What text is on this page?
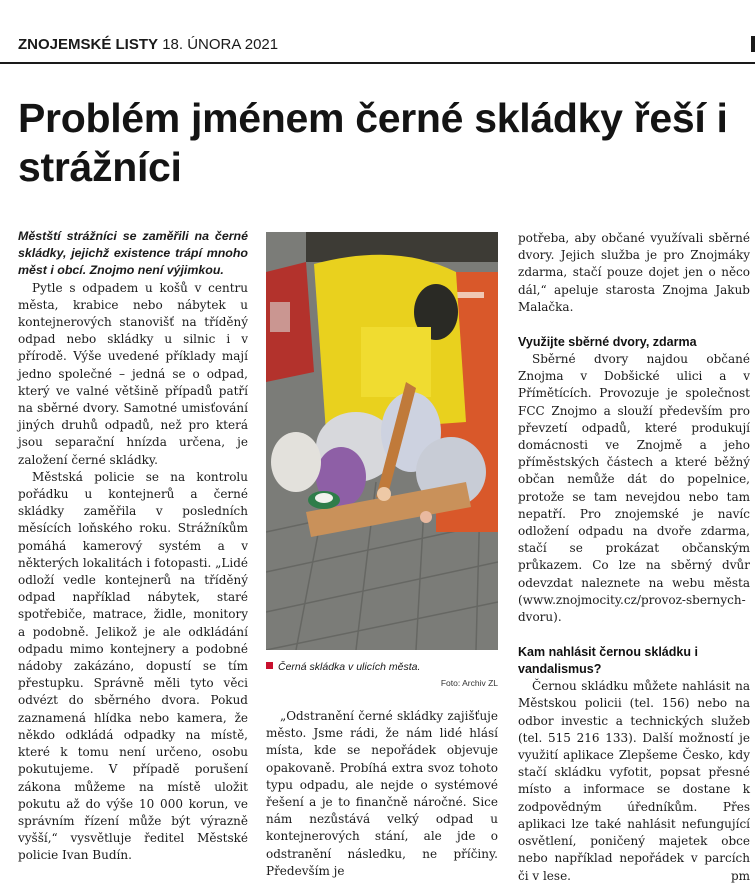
ZNOJEMSKÉ LISTY 18. ÚNORA 2021
Problém jménem černé skládky řeší i strážníci

Městští strážníci se zaměřili na černé skládky, jejichž existence trápí mnoho měst i obcí. Znojmo není výjimkou.

Pytle s odpadem u košů v centru města, krabice nebo nábytek u kontejnerových stanovišť na tříděný odpad nebo skládky u silnic i v přírodě. Výše uvedené příklady mají jedno společné – jedná se o odpad, který ve valné většině případů patří na sběrné dvory. Samotné umisťování jiných druhů odpadů, než pro která jsou separační hnízda určena, je založení černé skládky.

Městská policie se na kontrolu pořádku u kontejnerů a černé skládky zaměřila v posledních měsících loňského roku. Strážníkům pomáhá kamerový systém a v některých lokalitách i fotopasti. „Lidé odloží vedle kontejnerů na tříděný odpad například nábytek, staré spotřebiče, matrace, židle, monitory a podobně. Jelikož je ale odkládání odpadu mimo kontejnery a podobné nádoby zakázáno, dopustí se tím přestupku. Správně měli tyto věci odvézt do sběrného dvora. Pokud zaznamená hlídka nebo kamera, že někdo odkládá odpadky na místě, které k tomu není určeno, osobu pokutujeme. V případě porušení zákona můžeme na místě uložit pokutu až do výše 10 000 korun, ve správním řízení může být výrazně vyšší,“ vysvětluje ředitel Městské policie Ivan Budín.

Černá skládka v ulicích města.
Foto: Archiv ZL

„Odstranění černé skládky zajišťuje město. Jsme rádi, že nám lidé hlásí místa, kde se nepořádek objevuje opakovaně. Probíhá extra svoz tohoto typu odpadu, ale nejde o systémové řešení a je to finančně náročné. Sice nám nezůstává velký odpad u kontejnerových stání, ale jde o odstranění následku, ne příčiny. Především je

potřeba, aby občané využívali sběrné dvory. Jejich služba je pro Znojmáky zdarma, stačí pouze dojet jen o něco dál,“ apeluje starosta Znojma Jakub Malačka.

Využijte sběrné dvory, zdarma

Sběrné dvory najdou občané Znojma v Dobšické ulici a v Přímětících. Provozuje je společnost FCC Znojmo a slouží především pro převzetí odpadů, které produkují domácnosti ve Znojmě a jeho příměstských částech a které běžný občan nemůže dát do popelnice, protože se tam nevejdou nebo tam nepatří. Pro znojemské je navíc odložení odpadu na dvoře zdarma, stačí se prokázat občanským průkazem. Co lze na sběrný dvůr odevzdat naleznete na webu města (www.znojmocity.cz/provoz-sbernych-dvoru).

Kam nahlásit černou skládku i vandalismus?

Černou skládku můžete nahlásit na Městskou policii (tel. 156) nebo na odbor investic a technických služeb (tel. 515 216 133). Další možností je využití aplikace Zlepšeme Česko, kdy stačí skládku vyfotit, popsat přesné místo a informace se dostane k zodpovědným úředníkům. Přes aplikaci lze také nahlásit nefungující osvětlení, poničený majetek obce nebo například nepořádek v parcích či v lese.	pm
